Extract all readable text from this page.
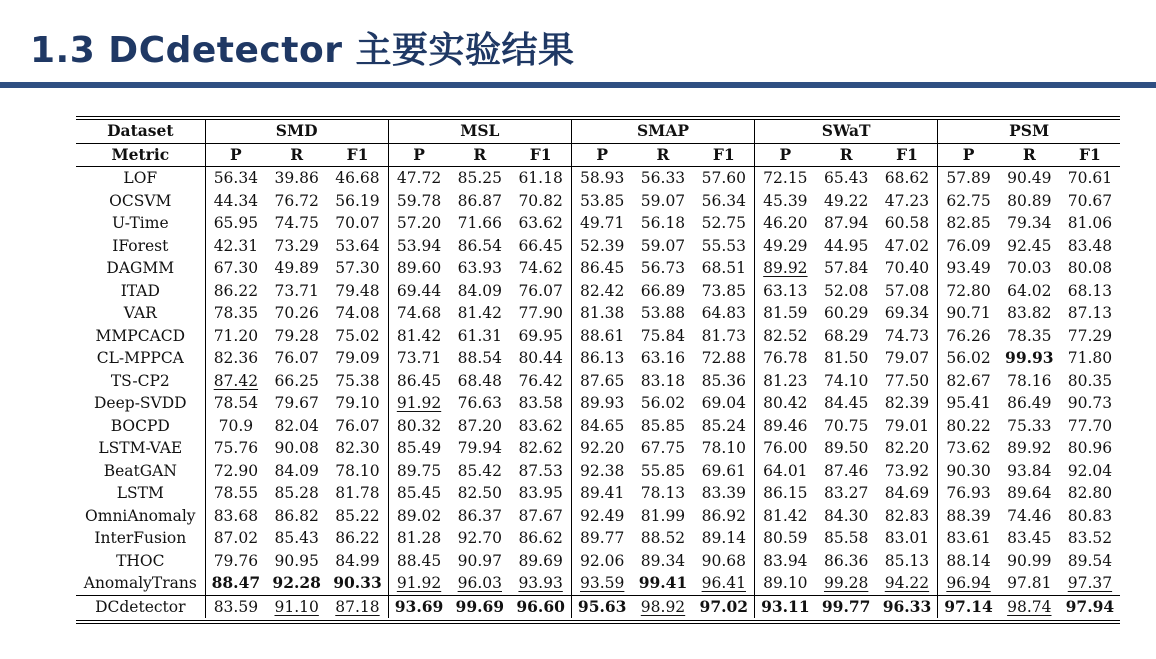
1.3 DCdetector 主要实验结果
Dataset	SMD			MSL			SMAP			SWaT			PSM		
Metric	P	R	F1	P	R	F1	P	R	F1	P	R	F1	P	R	F1
LOF	56.34	39.86	46.68	47.72	85.25	61.18	58.93	56.33	57.60	72.15	65.43	68.62	57.89	90.49	70.61
OCSVM	44.34	76.72	56.19	59.78	86.87	70.82	53.85	59.07	56.34	45.39	49.22	47.23	62.75	80.89	70.67
U-Time	65.95	74.75	70.07	57.20	71.66	63.62	49.71	56.18	52.75	46.20	87.94	60.58	82.85	79.34	81.06
IForest	42.31	73.29	53.64	53.94	86.54	66.45	52.39	59.07	55.53	49.29	44.95	47.02	76.09	92.45	83.48
DAGMM	67.30	49.89	57.30	89.60	63.93	74.62	86.45	56.73	68.51	89.92	57.84	70.40	93.49	70.03	80.08
ITAD	86.22	73.71	79.48	69.44	84.09	76.07	82.42	66.89	73.85	63.13	52.08	57.08	72.80	64.02	68.13
VAR	78.35	70.26	74.08	74.68	81.42	77.90	81.38	53.88	64.83	81.59	60.29	69.34	90.71	83.82	87.13
MMPCACD	71.20	79.28	75.02	81.42	61.31	69.95	88.61	75.84	81.73	82.52	68.29	74.73	76.26	78.35	77.29
CL-MPPCA	82.36	76.07	79.09	73.71	88.54	80.44	86.13	63.16	72.88	76.78	81.50	79.07	56.02	99.93	71.80
TS-CP2	87.42	66.25	75.38	86.45	68.48	76.42	87.65	83.18	85.36	81.23	74.10	77.50	82.67	78.16	80.35
Deep-SVDD	78.54	79.67	79.10	91.92	76.63	83.58	89.93	56.02	69.04	80.42	84.45	82.39	95.41	86.49	90.73
BOCPD	70.9	82.04	76.07	80.32	87.20	83.62	84.65	85.85	85.24	89.46	70.75	79.01	80.22	75.33	77.70
LSTM-VAE	75.76	90.08	82.30	85.49	79.94	82.62	92.20	67.75	78.10	76.00	89.50	82.20	73.62	89.92	80.96
BeatGAN	72.90	84.09	78.10	89.75	85.42	87.53	92.38	55.85	69.61	64.01	87.46	73.92	90.30	93.84	92.04
LSTM	78.55	85.28	81.78	85.45	82.50	83.95	89.41	78.13	83.39	86.15	83.27	84.69	76.93	89.64	82.80
OmniAnomaly	83.68	86.82	85.22	89.02	86.37	87.67	92.49	81.99	86.92	81.42	84.30	82.83	88.39	74.46	80.83
InterFusion	87.02	85.43	86.22	81.28	92.70	86.62	89.77	88.52	89.14	80.59	85.58	83.01	83.61	83.45	83.52
THOC	79.76	90.95	84.99	88.45	90.97	89.69	92.06	89.34	90.68	83.94	86.36	85.13	88.14	90.99	89.54
AnomalyTrans	88.47	92.28	90.33	91.92	96.03	93.93	93.59	99.41	96.41	89.10	99.28	94.22	96.94	97.81	97.37
DCdetector	83.59	91.10	87.18	93.69	99.69	96.60	95.63	98.92	97.02	93.11	99.77	96.33	97.14	98.74	97.94
